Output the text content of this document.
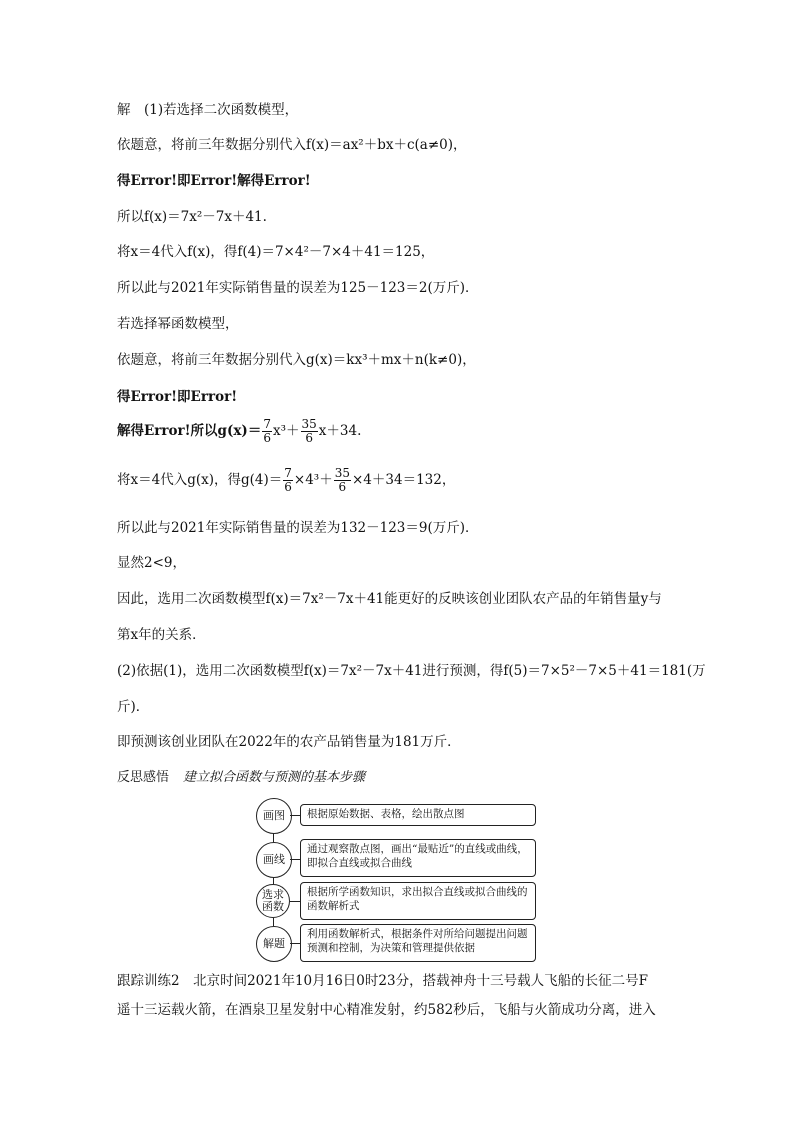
解　(1)若选择二次函数模型，
依题意，将前三年数据分别代入f(x)＝ax²＋bx＋c(a≠0)，
得Error!即Error!解得Error!
所以f(x)＝7x²－7x＋41.
将x＝4代入f(x)，得f(4)＝7×4²－7×4＋41＝125，
所以此与2021年实际销售量的误差为125－123＝2(万斤)．
若选择幂函数模型，
依题意，将前三年数据分别代入g(x)＝kx³＋mx＋n(k≠0)，
得Error!即Error!
解得Error!所以$g(x)= \frac{7}{6} x^3+ \frac{35}{6} x+34$.
将x＝4代入g(x)，得$g(4)= \frac{7}{6} \times 4^3+ \frac{35}{6} \times 4+34=132$，
所以此与2021年实际销售量的误差为132－123＝9(万斤)．
显然2<9，
因此，选用二次函数模型f(x)＝7x²－7x＋41能更好的反映该创业团队农产品的年销售量y与
第x年的关系．
(2)依据(1)，选用二次函数模型f(x)＝7x²－7x＋41进行预测，得f(5)＝7×5²－7×5＋41＝181(万
斤)．
即预测该创业团队在2022年的农产品销售量为181万斤．
反思感悟 建立拟合函数与预测的基本步骤
画图	根据原始数据、表格，绘出散点图
画线
通过观察散点图，画出“最贴近”的直线或曲线，即拟合直线或拟合曲线
选求函数
根据所学函数知识，求出拟合直线或拟合曲线的函数解析式
解题
利用函数解析式，根据条件对所给问题提出问题预测和控制，为决策和管理提供依据
跟踪训练2　北京时间2021年10月16日0时23分，搭载神舟十三号载人飞船的长征二号F
遥十三运载火箭，在酒泉卫星发射中心精准发射，约582秒后，飞船与火箭成功分离，进入
